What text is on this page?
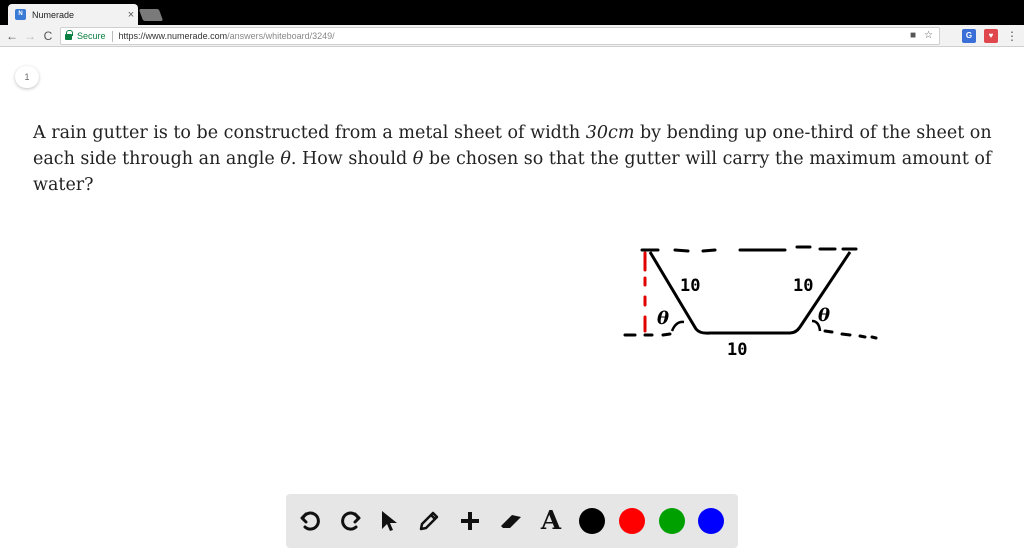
N	Numerade	×
← → C	Secure https://www.numerade.com /answers/whiteboard/3249/	■ ☆	G	♥	⋮
1
A rain gutter is to be constructed from a metal sheet of width 30cm by bending up one-third of the sheet on each side through an angle θ. How should θ be chosen so that the gutter will carry the maximum amount of water?
10	10
10
θ	θ
A
